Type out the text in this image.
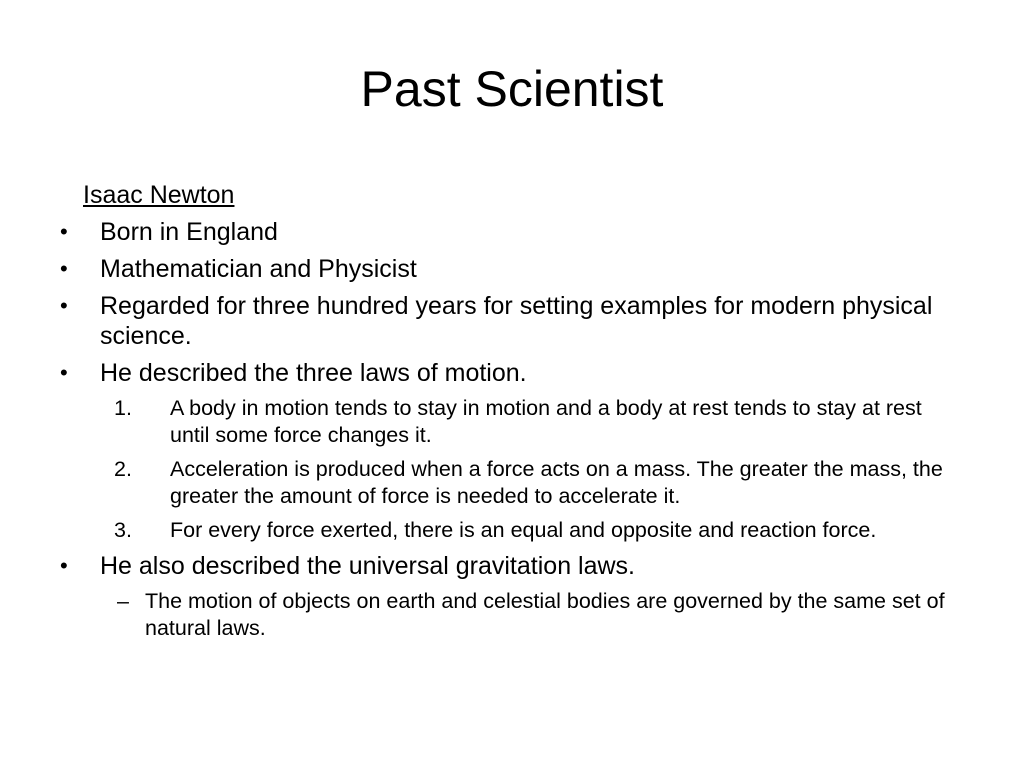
Past Scientist
Isaac Newton
• Born in England
• Mathematician and Physicist
• Regarded for three hundred years for setting examples for modern physical science.
• He described the three laws of motion.
1. A body in motion tends to stay in motion and a body at rest tends to stay at rest until some force changes it.
2. Acceleration is produced when a force acts on a mass. The greater the mass, the greater the amount of force is needed to accelerate it.
3. For every force exerted, there is an equal and opposite and reaction force.
• He also described the universal gravitation laws.
– The motion of objects on earth and celestial bodies are governed by the same set of natural laws.
